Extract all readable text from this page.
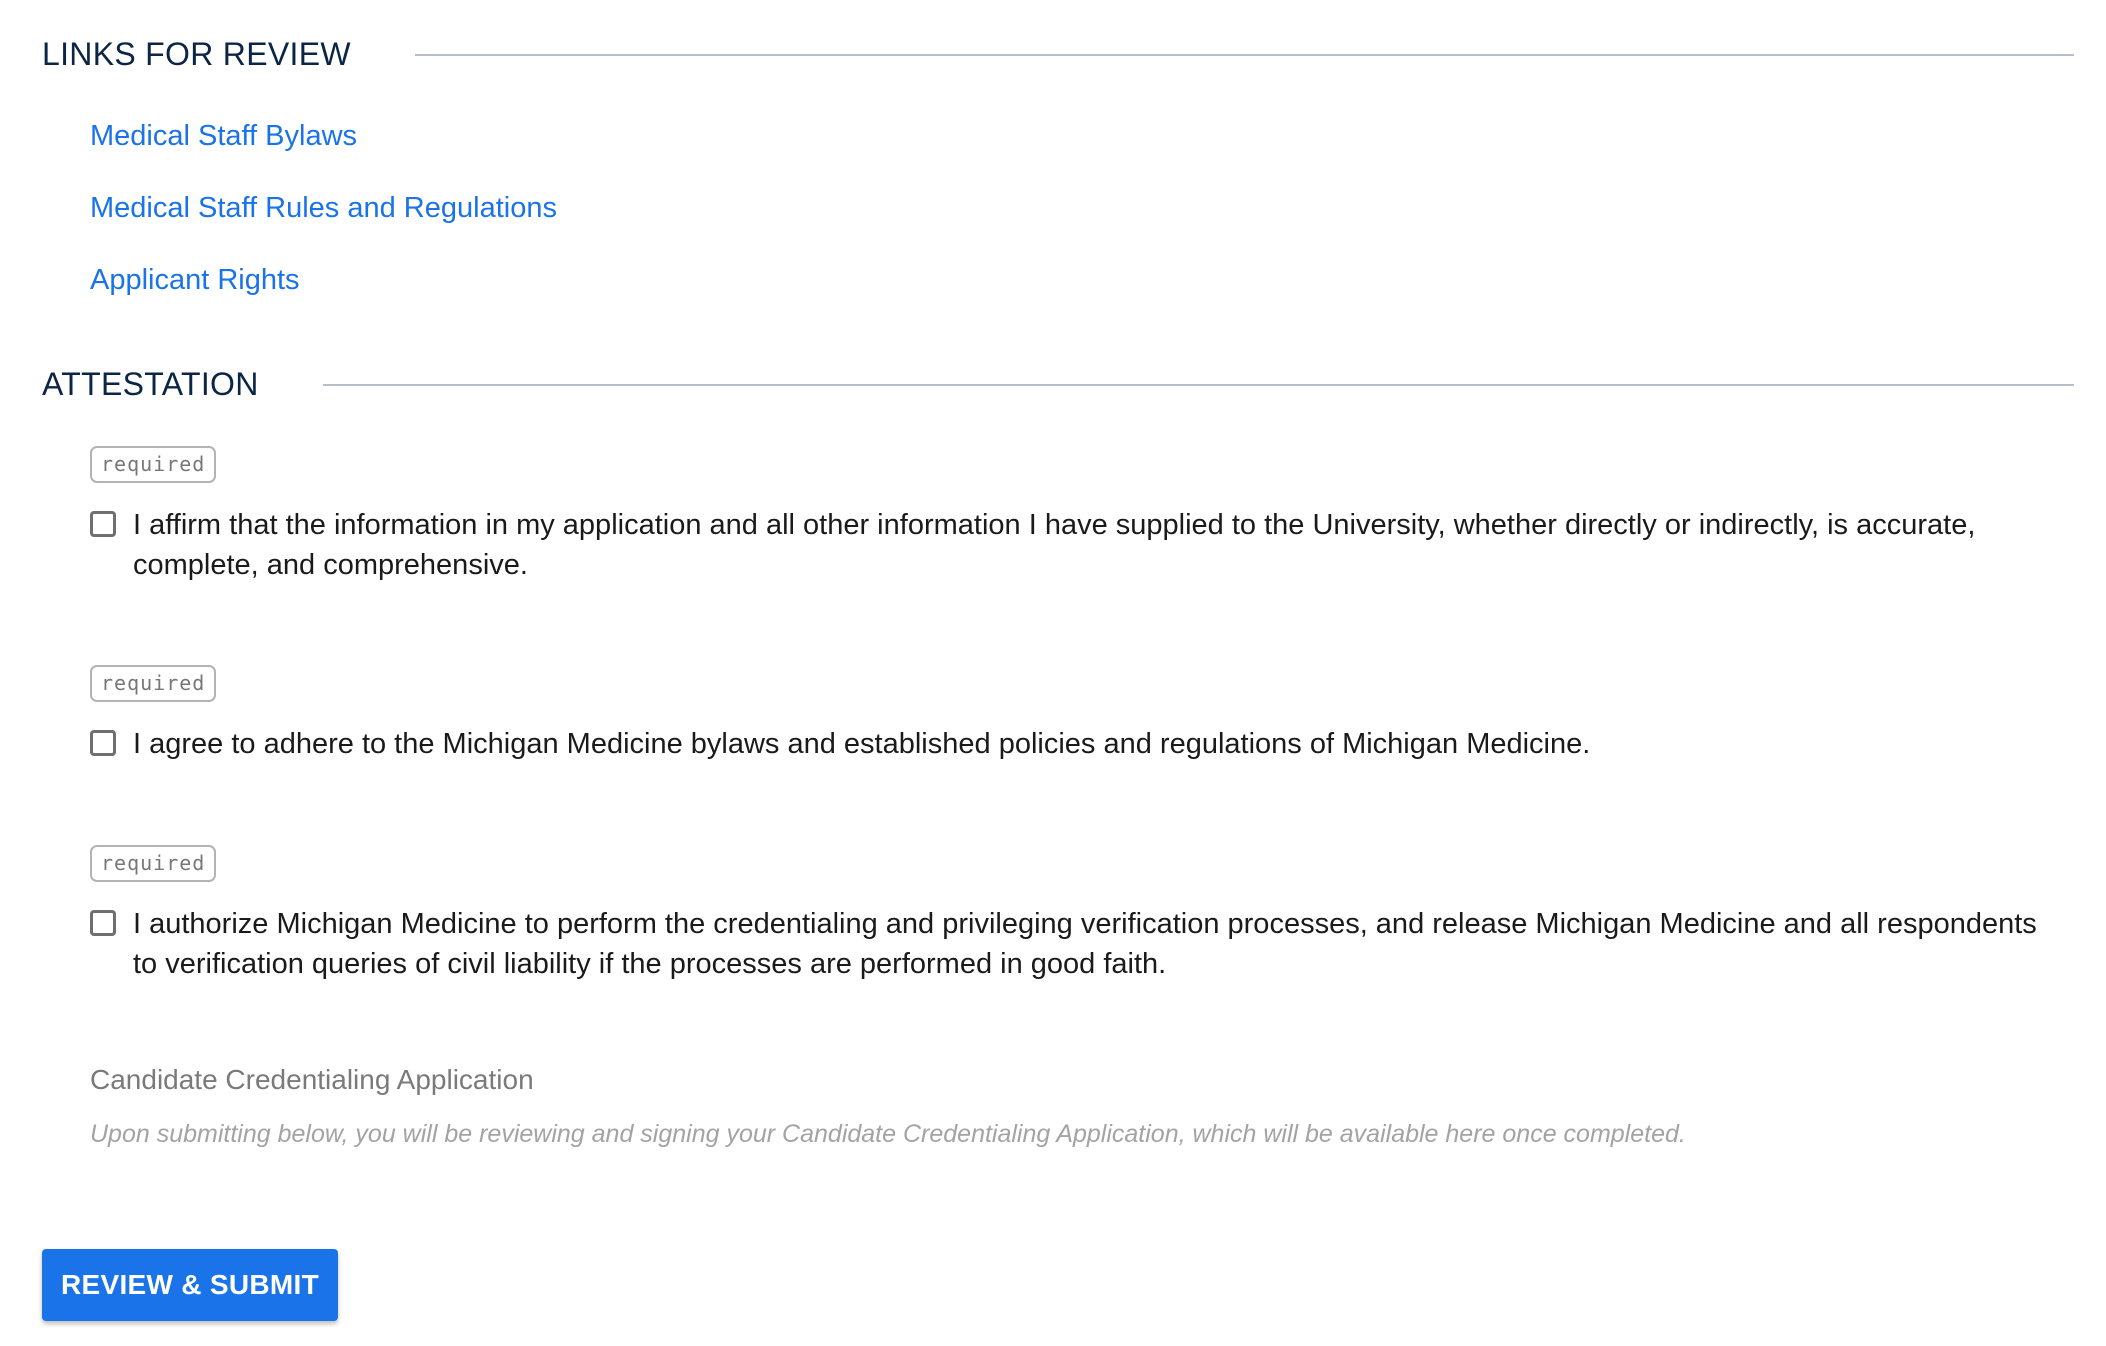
LINKS FOR REVIEW
Medical Staff Bylaws
Medical Staff Rules and Regulations
Applicant Rights
ATTESTATION
required
I affirm that the information in my application and all other information I have supplied to the University, whether directly or indirectly, is accurate, complete, and comprehensive.
required
I agree to adhere to the Michigan Medicine bylaws and established policies and regulations of Michigan Medicine.
required
I authorize Michigan Medicine to perform the credentialing and privileging verification processes, and release Michigan Medicine and all respondents to verification queries of civil liability if the processes are performed in good faith.
Candidate Credentialing Application
Upon submitting below, you will be reviewing and signing your Candidate Credentialing Application, which will be available here once completed.
REVIEW & SUBMIT
